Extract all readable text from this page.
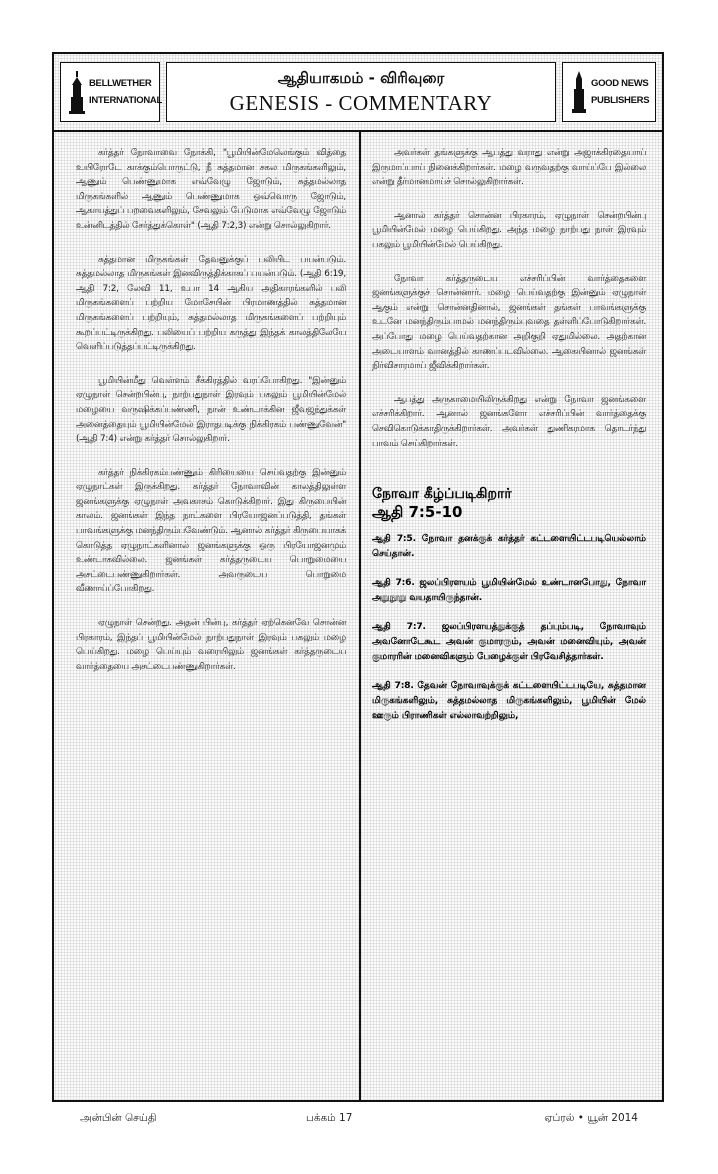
BELLWETHER
INTERNATIONAL
ஆதியாகமம் - விரிவுரை
GENESIS - COMMENTARY
GOOD NEWS
PUBLISHERS

கர்த்தர் நோவாவை நோக்கி, "பூமியின்மேலெங்கும் வித்தை உயிரோடே காக்கும்பொருட்டு, நீ சுத்தமான சகல மிருகங்களிலும், ஆணும் பெண்ணுமாக எவ்வேழு ஜோடும், சுத்தமல்லாத மிருகங்களில் ஆணும் பெண்ணுமாக ஒவ்வொரு ஜோடும், ஆகாயத்துப் பறவைகளிலும், சேவலும் பேடுமாக எவ்வேழு ஜோடும் உன்னிடத்தில் சேர்த்துக்கொள்" (ஆதி 7:2,3) என்று சொல்லுகிறார்.

சுத்தமான மிருகங்கள் தேவனுக்குப் பலியிட பயன்படும். சுத்தமல்லாத மிருகங்கள் இனவிருத்திக்காகப் பயன்படும். (ஆதி 6:19, ஆதி 7:2, லேவி 11, உபா 14 ஆகிய அதிகாரங்களில் பலி மிருகங்களைப் பற்றிய மோசேயின் பிரமாணத்தில் சுத்தமான மிருகங்களைப் பற்றியும், சுத்தமல்லாத மிருகங்களைப் பற்றியும் கூறப்பட்டிருக்கிறது. பலியைப் பற்றிய கருத்து இந்தக் காலத்திலேயே வெளிப்படுத்தப்பட்டிருக்கிறது.

பூமியின்மீது வெள்ளம் சீக்கிரத்தில் வரப்போகிறது. "இன்னும் ஏழுநாள் சென்றபின்பு, நாற்பதுநாள் இரவும் பகலும் பூமியின்மேல் மழையை வருஷிக்கப்பண்ணி, நான் உண்டாக்கின ஜீவஜந்துக்கள் அனைத்தையும் பூமியின்மேல் இராதபடிக்கு நிக்கிரகம் பண்ணுவேன்" (ஆதி 7:4) என்று கர்த்தர் சொல்லுகிறார்.

கர்த்தர் நிக்கிரகம்பண்ணும் கிரியையை செய்வதற்கு இன்னும் ஏழுநாட்கள் இருக்கிறது. கர்த்தர் நோவாவின் காலத்திலுள்ள ஜனங்களுக்கு ஏழுநாள் அவகாசம் கொடுக்கிறார். இது கிருபையின் காலம். ஜனங்கள் இந்த நாட்களை பிரயோஜனப்படுத்தி, தங்கள் பாவங்களுக்கு மனந்திரும்பவேண்டும். ஆனால் கர்த்தர் கிருபையாகக் கொடுத்த ஏழுநாட்களினால் ஜனங்களுக்கு ஒரு பிரயோஜனமும் உண்டாகவில்லை. ஜனங்கள் கர்த்தருடைய பொறுமையை அசட்டைபண்ணுகிறார்கள். அவருடைய பொறுமை வீணாய்ப்போகிறது.

ஏழுநாள் சென்றது. அதன் பின்பு, கர்த்தர் ஏற்கெனவே சொன்ன பிரகாரம், இந்தப் பூமியின்மேல் நாற்பதுநாள் இரவும் பகலும் மழை பெய்கிறது. மழை பெய்யும் வரையிலும் ஜனங்கள் கர்த்தருடைய வார்த்தையை அசட்டைபண்ணுகிறார்கள்.

அவர்கள் தங்களுக்கு ஆபத்து வராது என்று அஜாக்கிரதையாய் இருமாப்பாய் நினைக்கிறார்கள். மழை வருவதற்கு வாய்ப்பே இல்லை என்று தீர்மானமாய்ச் சொல்லுகிறார்கள்.

ஆனால் கர்த்தர் சொன்ன பிரகாரம், ஏழுநாள் சென்றபின்பு பூமியின்மேல் மழை பெய்கிறது. அந்த மழை நாற்பது நாள் இரவும் பகலும் பூமியின்மேல் பெய்கிறது.

நோவா கர்த்தருடைய எச்சரிப்பின் வார்த்தைகளை ஜனங்களுக்குச் சொன்னார். மழை பெய்வதற்கு இன்னும் ஏழுநாள் ஆகும் என்று சொன்னதினால், ஜனங்கள் தங்கள் பாவங்களுக்கு உடனே மனந்திரும்பாமல் மனந்திரும்புவதை தள்ளிப்போடுகிறார்கள். அப்போது மழை பெய்வதற்கான அறிகுறி ஏதுமில்லை. அதற்கான அடையாளம் வானத்தில் காணப்படவில்லை. ஆகையினால் ஜனங்கள் நிர்விசாரமாய் ஜீவிக்கிறார்கள்.

ஆபத்து அருகாமையிலிருக்கிறது என்று நோவா ஜனங்களை எச்சரிக்கிறார். ஆனால் ஜனங்களோ எச்சரிப்பின் வார்த்தைக்கு செவிகொடுக்காதிருக்கிறார்கள். அவர்கள் துணிகரமாக தொடர்ந்து பாவம் செய்கிறார்கள்.

நோவா கீழ்ப்படிகிறார்
ஆதி 7:5-10

ஆதி 7:5. நோவா தனக்குக் கர்த்தர் கட்டளையிட்டபடியெல்லாம் செய்தான்.

ஆதி 7:6. ஜலப்பிரளயம் பூமியின்மேல் உண்டானபோது, நோவா அறுநூறு வயதாயிருந்தான்.

ஆதி 7:7. ஜலப்பிரளயத்துக்குத் தப்பும்படி, நோவாவும் அவனோடேகூட அவன் குமாரரும், அவன் மனைவியும், அவன் குமாரரின் மனைவிகளும் பேழைக்குள் பிரவேசித்தார்கள்.

ஆதி 7:8. தேவன் நோவாவுக்குக் கட்டளையிட்டபடியே, சுத்தமான மிருகங்களிலும், சுத்தமல்லாத மிருகங்களிலும், பூமியின் மேல் ஊரும் பிராணிகள் எல்லாவற்றிலும்,

அன்பின் செய்தி	பக்கம் 17	ஏப்ரல் • யூன் 2014
